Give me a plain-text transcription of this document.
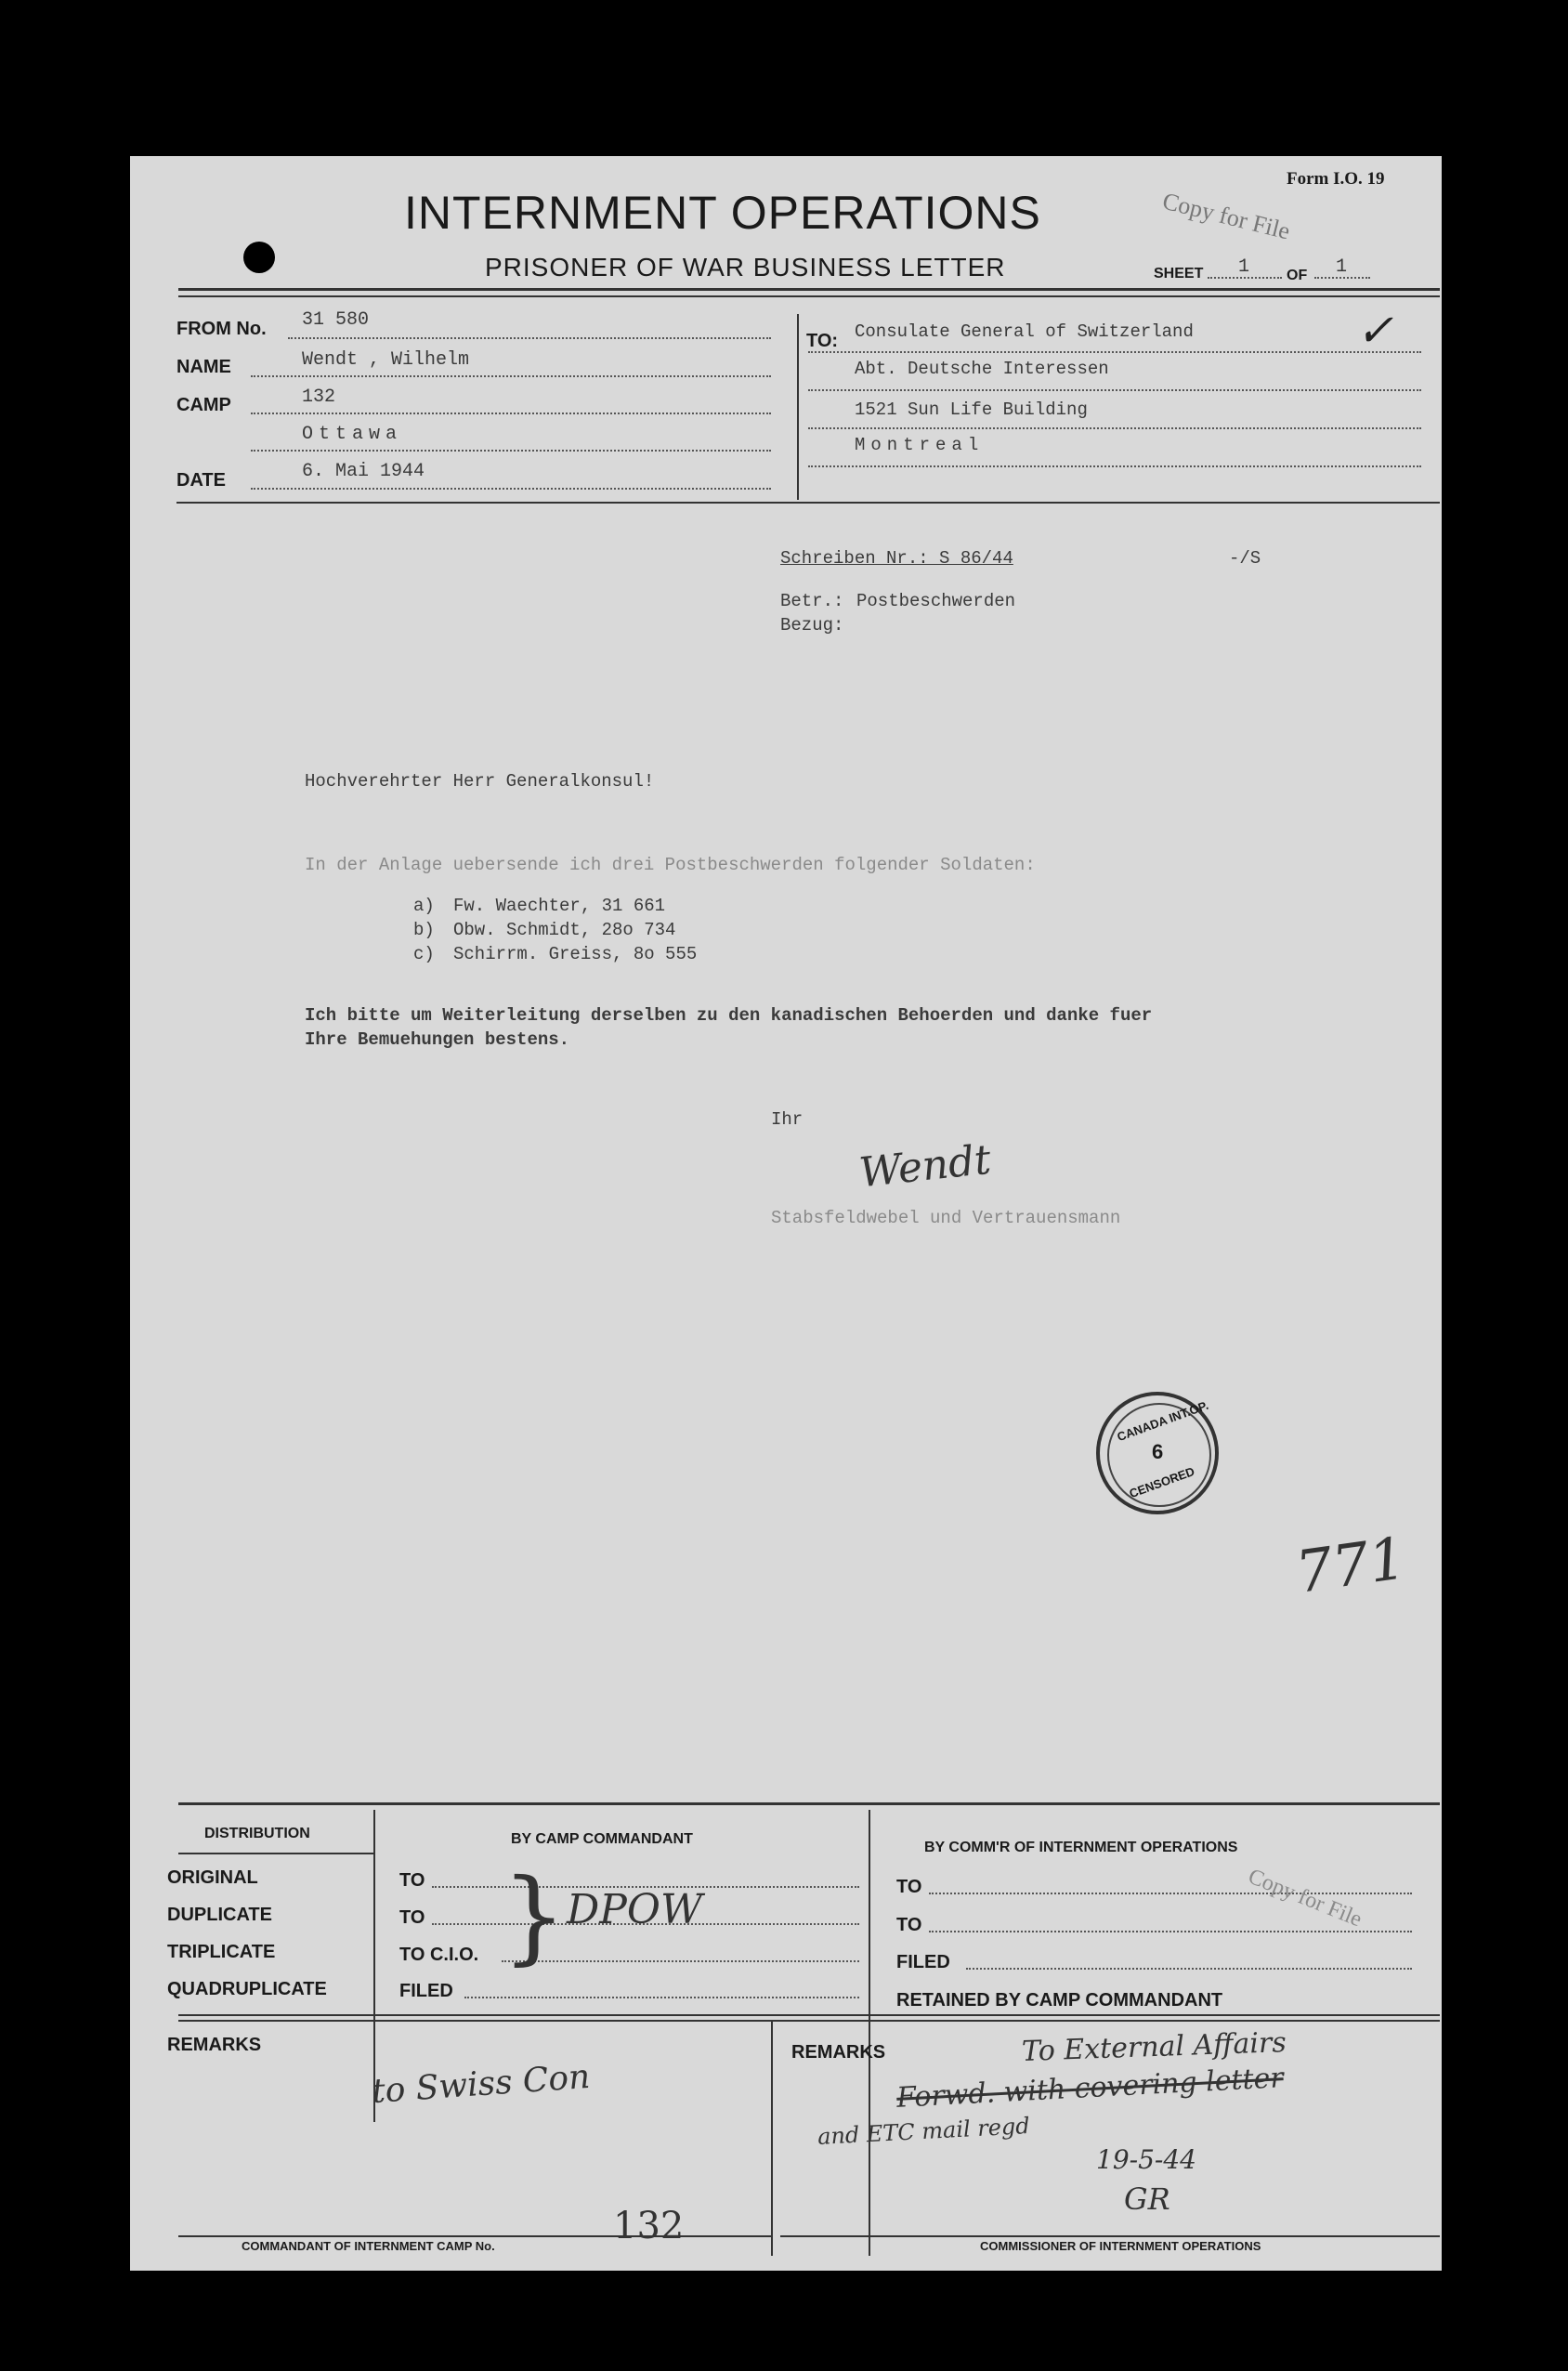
Form I.O. 19
INTERNMENT OPERATIONS	Copy for File
PRISONER OF WAR BUSINESS LETTER	SHEET 1 OF 1
FROM No. 31 580
NAME	Wendt , Wilhelm
CAMP	132
Ottawa
DATE	6. Mai 1944
TO: Consulate General of Switzerland
Abt. Deutsche Interessen
1521 Sun Life Building
Montreal
✓
Schreiben Nr.: S 86/44	-/S
Betr.: Postbeschwerden
Bezug:
Hochverehrter Herr Generalkonsul!
In der Anlage uebersende ich drei Postbeschwerden folgender Soldaten:
a) Fw. Waechter, 31 661
b) Obw. Schmidt, 28o 734
c) Schirrm. Greiss, 8o 555
Ich bitte um Weiterleitung derselben zu den kanadischen Behoerden und danke fuer
Ihre Bemuehungen bestens.
Ihr
Wendt
Stabsfeldwebel und Vertrauensmann
CANADA INT.OP.
6
CENSORED
771
DISTRIBUTION
ORIGINAL
DUPLICATE
TRIPLICATE
QUADRUPLICATE
BY CAMP COMMANDANT
TO
TO
TO C.I.O.
FILED
} DPOW
BY COMM'R OF INTERNMENT OPERATIONS
TO
TO
FILED
RETAINED BY CAMP COMMANDANT
Copy for File
REMARKS
to Swiss Con
COMMANDANT OF INTERNMENT CAMP No.	132
REMARKS	To External Affairs
Forwd. with covering letter
and ETC mail regd
19-5-44
GR
COMMISSIONER OF INTERNMENT OPERATIONS
